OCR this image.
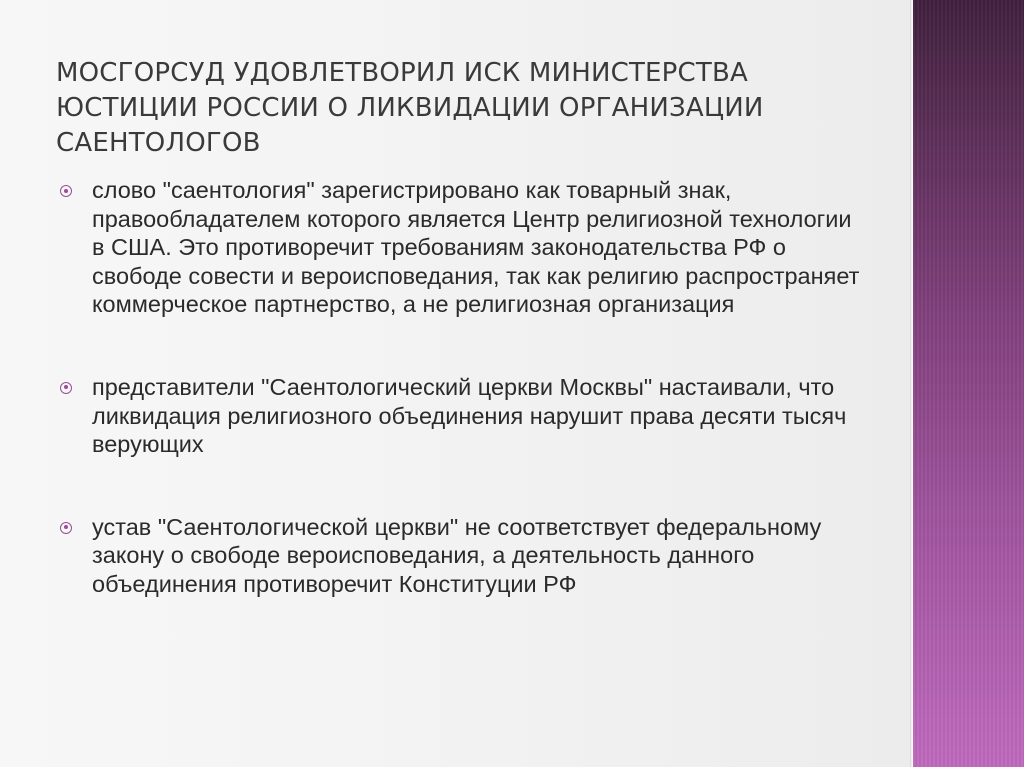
МОСГОРСУД УДОВЛЕТВОРИЛ ИСК МИНИСТЕРСТВА ЮСТИЦИИ РОССИИ О ЛИКВИДАЦИИ ОРГАНИЗАЦИИ САЕНТОЛОГОВ
слово "саентология" зарегистрировано как товарный знак, правообладателем которого является Центр религиозной технологии в США. Это противоречит требованиям законодательства РФ о свободе совести и вероисповедания, так как религию распространяет коммерческое партнерство, а не религиозная организация
представители "Саентологический церкви Москвы" настаивали, что ликвидация религиозного объединения нарушит права десяти тысяч верующих
устав "Саентологической церкви" не соответствует федеральному закону о свободе вероисповедания, а деятельность данного объединения противоречит Конституции РФ
